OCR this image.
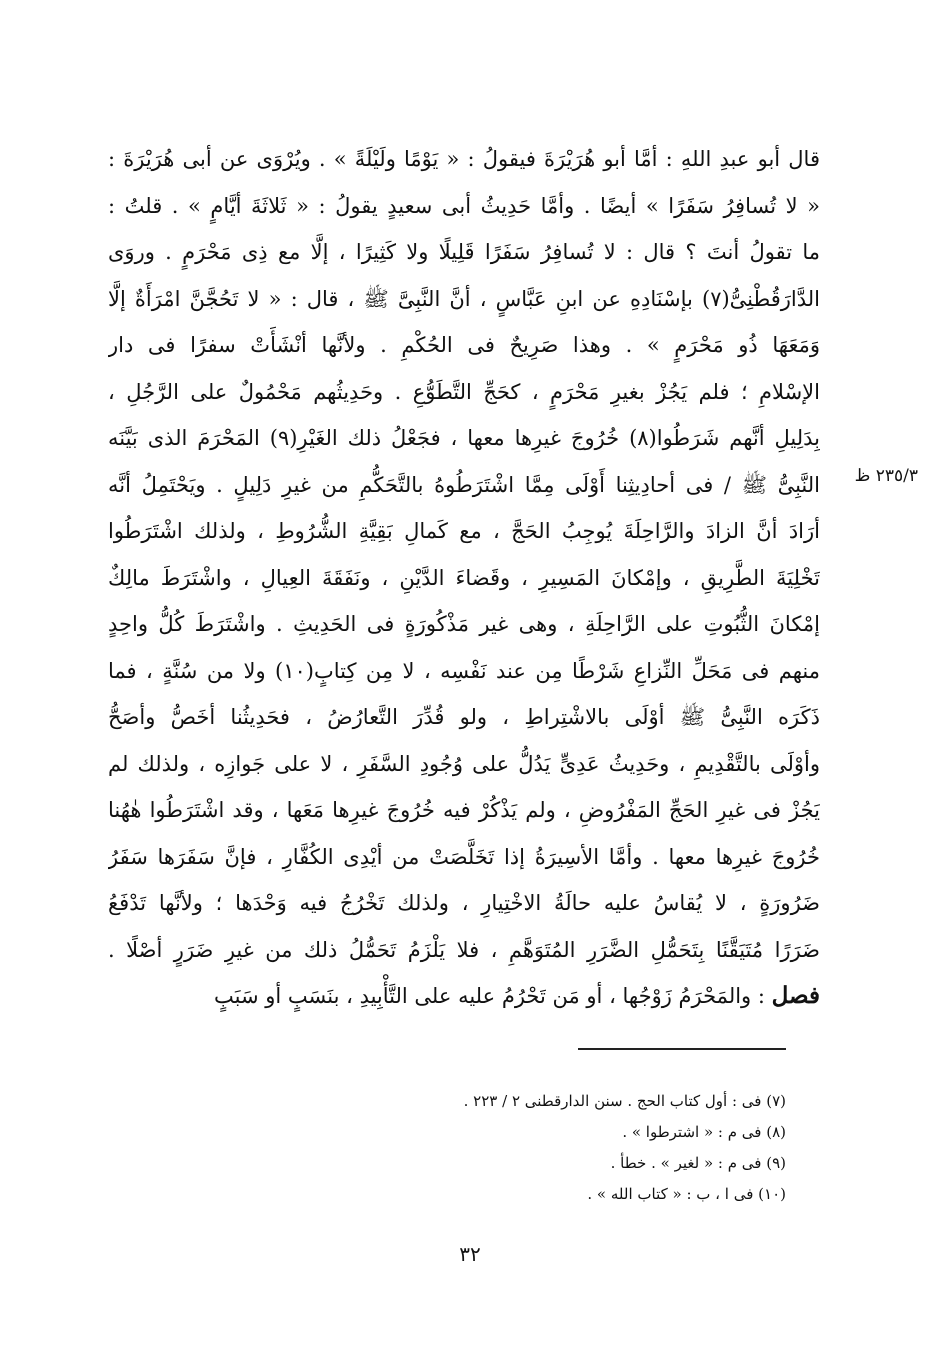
قال أبو عبدِ اللهِ : أمَّا أبو هُرَيْرَةَ فيقولُ : « يَوْمًا ولَيْلَةً » . ويُرْوَى عن أبى هُرَيْرَةَ :
« لا تُسافِرُ سَفَرًا » أيضًا . وأمَّا حَدِيثُ أبى سعيدٍ يقولُ : « ثَلاثَةَ أيَّامٍ » . قلتُ :
ما تقولُ أنتَ ؟ قال : لا تُسافِرُ سَفَرًا قَلِيلًا ولا كَثِيرًا ، إلَّا مع ذِى مَحْرَمٍ . وروَى
الدَّارَقُطْنِىُّ(٧) بإسْنَادِهِ عن ابنِ عَبَّاسٍ ، أنَّ النَّبِىَّ ﷺ ، قال : « لا تَحُجَّنَّ امْرَأَةٌ إلَّا
وَمَعَهَا ذُو مَحْرَمٍ » . وهذا صَرِيحٌ فى الحُكْمِ . ولأنَّها أنْشَأَتْ سفرًا فى دار
الإسْلامِ ؛ فلم يَجُزْ بغيرِ مَحْرَمٍ ، كحَجِّ التَّطَوُّعِ . وحَدِيثُهم مَحْمُولٌ على الرَّجُلِ ،
بِدَلِيلِ أنَّهم شَرَطُوا(٨) خُرُوجَ غيرِها معها ، فجَعْلُ ذلك الغَيْرِ(٩) المَحْرَمَ الذى بَيَّنَه
النَّبِىُّ ﷺ / فى أحادِيثِنا أَوْلَى مِمَّا اشْتَرَطُوهُ بالتَّحَكُّمِ من غيرِ دَلِيلٍ . ويَحْتَمِلُ أنَّه
أرَادَ أنَّ الزادَ والرَّاحِلَةَ يُوجِبُ الحَجَّ ، مع كَمالِ بَقِيَّةِ الشُّرُوطِ ، ولذلك اشْتَرَطُوا
تَخْلِيَةَ الطَّرِيقِ ، وإمْكانَ المَسِيرِ ، وقَضاءَ الدَّيْنِ ، ونَفَقَةَ العِيالِ ، واشْتَرَطَ مالِكٌ
إمْكانَ الثُّبُوتِ على الرَّاحِلَةِ ، وهى غير مَذْكُورَةٍ فى الحَدِيثِ . واشْتَرَطَ كُلُّ واحِدٍ
منهم فى مَحَلِّ النِّزاعِ شَرْطًا مِن عند نَفْسِه ، لا مِن كِتابٍ(١٠) ولا من سُنَّةٍ ، فما
ذَكَرَه النَّبِىُّ ﷺ أوْلَى بالاشْتِراطِ ، ولو قُدِّرَ التَّعارُضُ ، فحَدِيثُنا أخَصُّ وأصَحُّ
وأوْلَى بالتَّقْدِيمِ ، وحَدِيثُ عَدِىٍّ يَدُلُّ على وُجُودِ السَّفَرِ ، لا على جَوازِه ، ولذلك لم
يَجُزْ فى غيرِ الحَجِّ المَفْرُوضِ ، ولم يَذْكُرْ فيه خُرُوجَ غيرِها مَعَها ، وقد اشْتَرَطُوا هٰهُنا
خُرُوجَ غيرِها معها . وأمَّا الأسِيرَةُ إذا تَخَلَّصَتْ من أيْدِى الكُفَّارِ ، فإنَّ سَفَرَها سَفَرُ
ضَرُورَةٍ ، لا يُقاسُ عليه حالَةُ الاخْتِيارِ ، ولذلك تَخْرُجُ فيه وَحْدَها ؛ ولأنَّها تَدْفَعُ
ضَرَرًا مُتَيَقَّنًا بِتَحَمُّلِ الضَّرَرِ المُتَوَهَّمِ ، فلا يَلْزَمُ تَحَمُّلُ ذلك من غيرِ ضَرَرٍ أصْلًا .
فصل : والمَحْرَمُ زَوْجُها ، أو مَن تَحْرُمُ عليه على التَّأْبِيدِ ، بنَسَبٍ أو سَبَبٍ
٢٣٥/٣ ظ
(٧) فى : أول كتاب الحج . سنن الدارقطنى ٢ / ٢٢٣ .
(٨) فى م : « اشترطوا » .
(٩) فى م : « لغير » . خطأ .
(١٠) فى ا ، ب : « كتاب الله » .
٣٢
